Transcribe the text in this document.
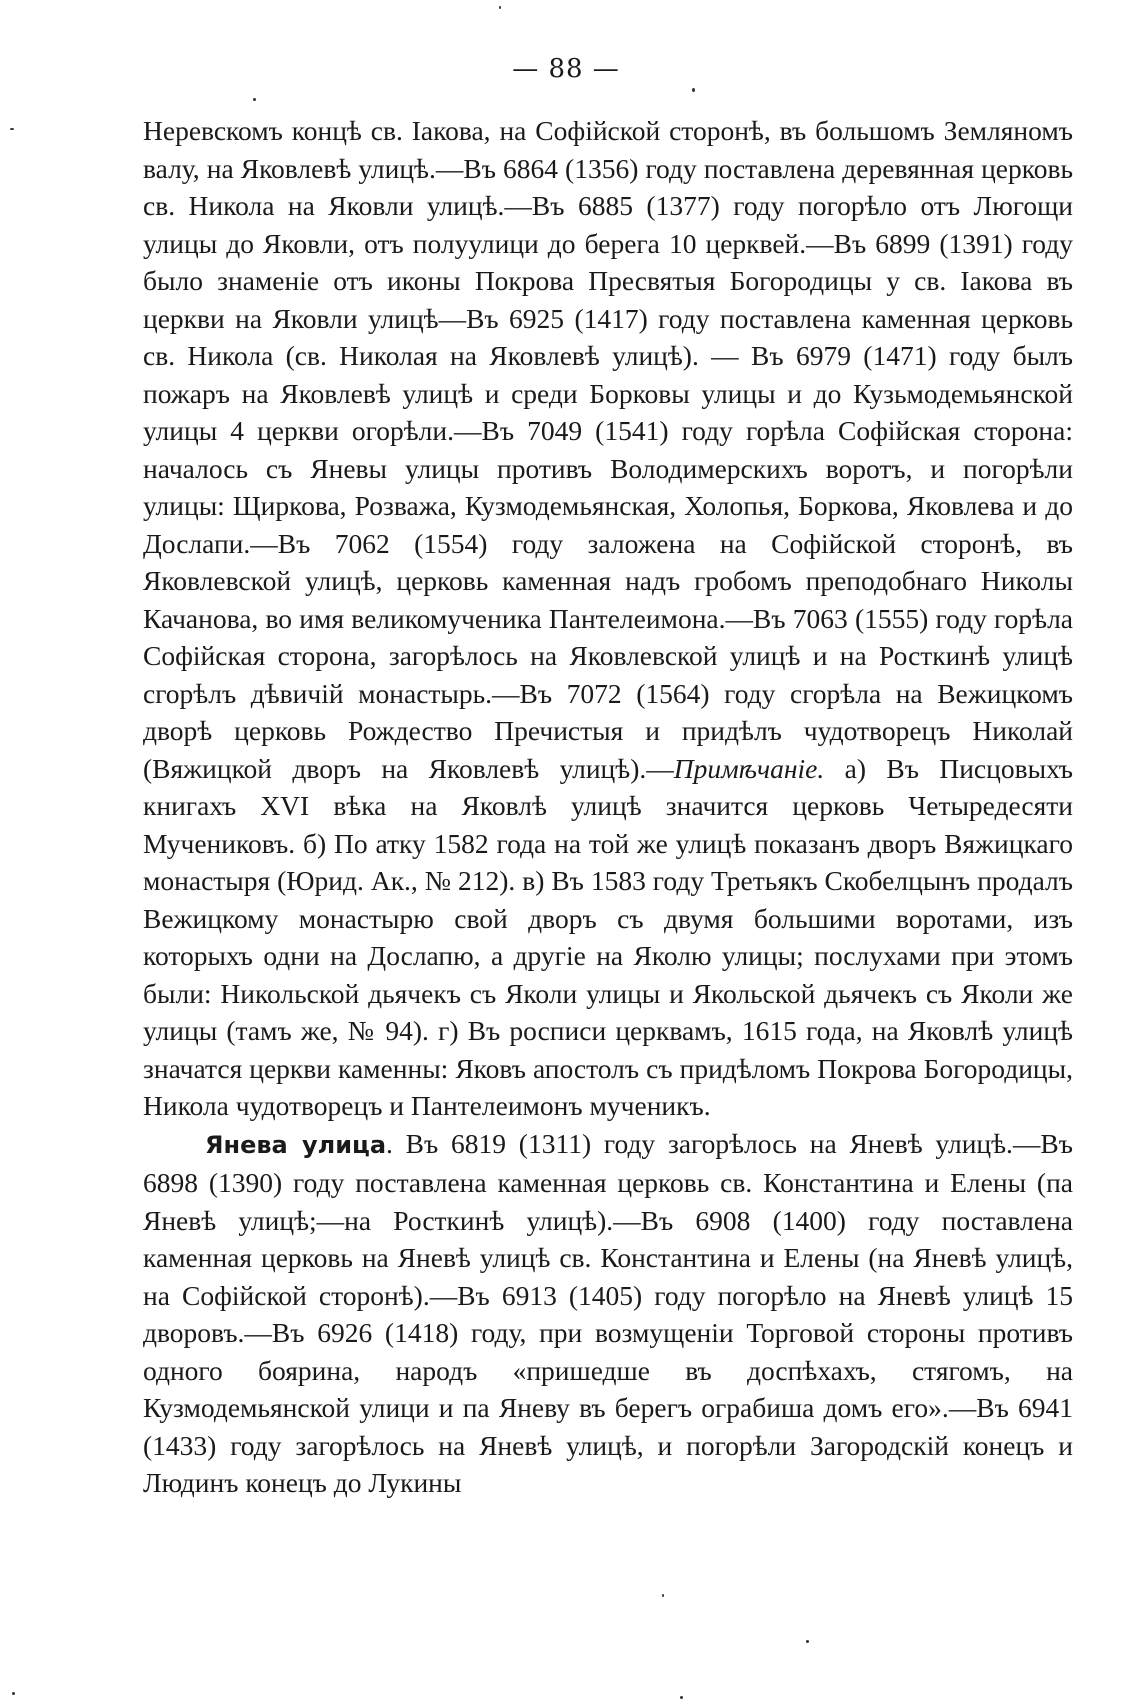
— 88 —

Неревскомъ концѣ св. Іакова, на Софійской сторонѣ, въ большомъ Земляномъ валу, на Яковлевѣ улицѣ.—Въ 6864 (1356) году поставлена деревянная церковь св. Никола на Яковли улицѣ.—Въ 6885 (1377) году погорѣло отъ Люгощи улицы до Яковли, отъ полуулици до берега 10 церквей.—Въ 6899 (1391) году было знаменіе отъ иконы Покрова Пресвятыя Богородицы у св. Іакова въ церкви на Яковли улицѣ—Въ 6925 (1417) году поставлена каменная церковь св. Никола (св. Николая на Яковлевѣ улицѣ). — Въ 6979 (1471) году былъ пожаръ на Яковлевѣ улицѣ и среди Борковы улицы и до Кузьмодемьянской улицы 4 церкви огорѣли.—Въ 7049 (1541) году горѣла Софійская сторона: началось съ Яневы улицы противъ Володимерскихъ воротъ, и погорѣли улицы: Щиркова, Розважа, Кузмодемьянская, Холопья, Боркова, Яковлева и до Дослапи.—Въ 7062 (1554) году заложена на Софійской сторонѣ, въ Яковлевской улицѣ, церковь каменная надъ гробомъ преподобнаго Николы Качанова, во имя великомученика Пантелеимона.—Въ 7063 (1555) году горѣла Софійская сторона, загорѣлось на Яковлевской улицѣ и на Росткинѣ улицѣ сгорѣлъ дѣвичій монастырь.—Въ 7072 (1564) году сгорѣла на Вежицкомъ дворѣ церковь Рождество Пречистыя и придѣлъ чудотворецъ Николай (Вяжицкой дворъ на Яковлевѣ улицѣ).—Примѣчаніе. а) Въ Писцовыхъ книгахъ XVI вѣка на Яковлѣ улицѣ значится церковь Четыредесяти Мучениковъ. б) По атку 1582 года на той же улицѣ показанъ дворъ Вяжицкаго монастыря (Юрид. Ак., № 212). в) Въ 1583 году Третьякъ Скобелцынъ продалъ Вежицкому монастырю свой дворъ съ двумя большими воротами, изъ которыхъ одни на Дослапю, а другіе на Яколю улицы; послухами при этомъ были: Никольской дьячекъ съ Яколи улицы и Якольской дьячекъ съ Яколи же улицы (тамъ же, № 94). г) Въ росписи церквамъ, 1615 года, на Яковлѣ улицѣ значатся церкви каменны: Яковъ апостолъ съ придѣломъ Покрова Богородицы, Никола чудотворецъ и Пантелеимонъ мученикъ.

Янева улица. Въ 6819 (1311) году загорѣлось на Яневѣ улицѣ.—Въ 6898 (1390) году поставлена каменная церковь св. Константина и Елены (па Яневѣ улицѣ;—на Росткинѣ улицѣ).—Въ 6908 (1400) году поставлена каменная церковь на Яневѣ улицѣ св. Константина и Елены (на Яневѣ улицѣ, на Софійской сторонѣ).—Въ 6913 (1405) году погорѣло на Яневѣ улицѣ 15 дворовъ.—Въ 6926 (1418) году, при возмущеніи Торговой стороны противъ одного боярина, народъ «пришедше въ доспѣхахъ, стягомъ, на Кузмодемьянской улици и па Яневу въ берегъ ограбиша домъ его».—Въ 6941 (1433) году загорѣлось на Яневѣ улицѣ, и погорѣли Загородскій конецъ и Людинъ конецъ до Лукины
